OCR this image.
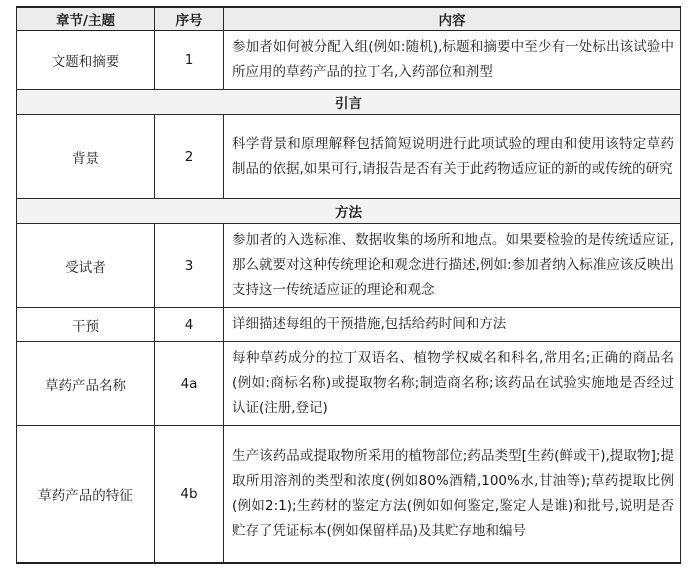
章节/主题	序号	内容
文题和摘要	1	参加者如何被分配入组(例如:随机),标题和摘要中至少有一处标出该试验中所应用的草药产品的拉丁名,入药部位和剂型
引言		
背景	2	科学背景和原理解释包括简短说明进行此项试验的理由和使用该特定草药制品的依据,如果可行,请报告是否有关于此药物适应证的新的或传统的研究
方法		
受试者	3	参加者的入选标准、数据收集的场所和地点。如果要检验的是传统适应证,那么就要对这种传统理论和观念进行描述,例如:参加者纳入标准应该反映出支持这一传统适应证的理论和观念
干预	4	详细描述每组的干预措施,包括给药时间和方法
草药产品名称	4a	每种草药成分的拉丁双语名、植物学权威名和科名,常用名;正确的商品名(例如:商标名称)或提取物名称;制造商名称;该药品在试验实施地是否经过认证(注册,登记)
草药产品的特征	4b	生产该药品或提取物所采用的植物部位;药品类型[生药(鲜或干),提取物];提取所用溶剂的类型和浓度(例如80%酒精,100%水,甘油等);草药提取比例(例如2:1);生药材的鉴定方法(例如如何鉴定,鉴定人是谁)和批号,说明是否贮存了凭证标本(例如保留样品)及其贮存地和编号
